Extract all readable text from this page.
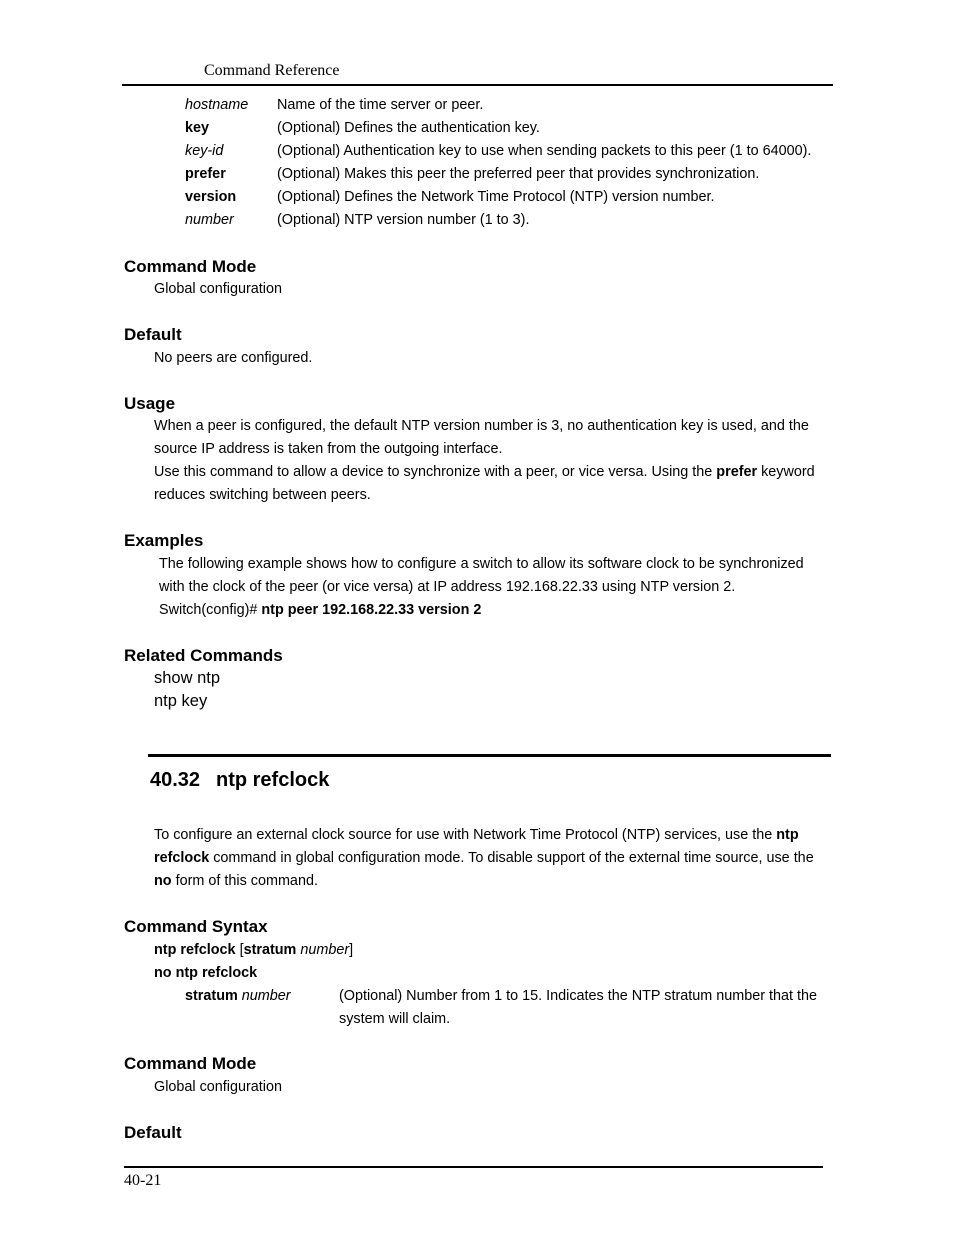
Command Reference
hostname	Name of the time server or peer.
key	(Optional) Defines the authentication key.
key-id	(Optional) Authentication key to use when sending packets to this peer (1 to 64000).
prefer	(Optional) Makes this peer the preferred peer that provides synchronization.
version	(Optional) Defines the Network Time Protocol (NTP) version number.
number	(Optional) NTP version number (1 to 3).
Command Mode
Global configuration
Default
No peers are configured.
Usage
When a peer is configured, the default NTP version number is 3, no authentication key is used, and the source IP address is taken from the outgoing interface.
Use this command to allow a device to synchronize with a peer, or vice versa. Using the prefer keyword reduces switching between peers.
Examples
The following example shows how to configure a switch to allow its software clock to be synchronized with the clock of the peer (or vice versa) at IP address 192.168.22.33 using NTP version 2.
Switch(config)# ntp peer 192.168.22.33 version 2
Related Commands
show ntp
ntp key
40.32 ntp refclock
To configure an external clock source for use with Network Time Protocol (NTP) services, use the ntp refclock command in global configuration mode. To disable support of the external time source, use the no form of this command.
Command Syntax
ntp refclock [stratum number]
no ntp refclock
stratum number	(Optional) Number from 1 to 15. Indicates the NTP stratum number that the system will claim.
Command Mode
Global configuration
Default
40-21
